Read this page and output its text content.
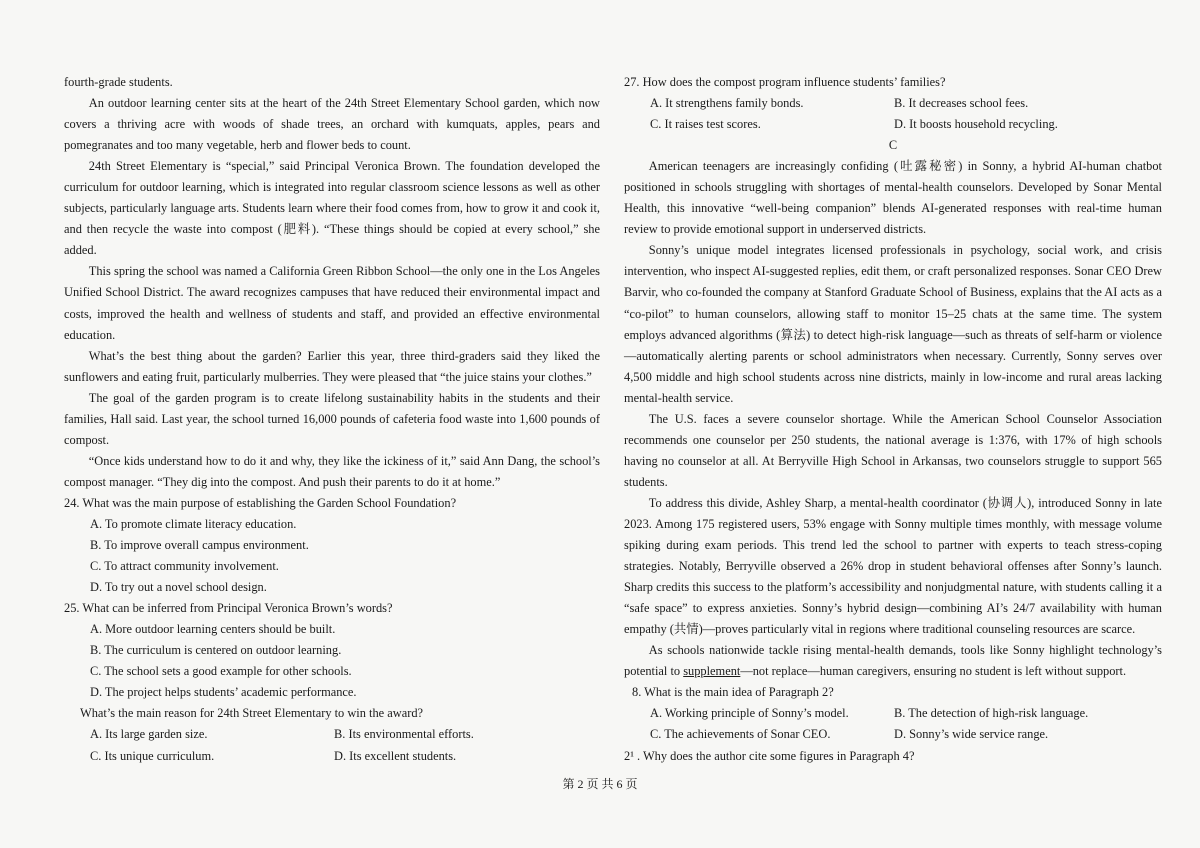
fourth-grade students.

An outdoor learning center sits at the heart of the 24th Street Elementary School garden, which now covers a thriving acre with woods of shade trees, an orchard with kumquats, apples, pears and pomegranates and too many vegetable, herb and flower beds to count.

24th Street Elementary is “special,” said Principal Veronica Brown. The foundation developed the curriculum for outdoor learning, which is integrated into regular classroom science lessons as well as other subjects, particularly language arts. Students learn where their food comes from, how to grow it and cook it, and then recycle the waste into compost (肥料). “These things should be copied at every school,” she added.

This spring the school was named a California Green Ribbon School—the only one in the Los Angeles Unified School District. The award recognizes campuses that have reduced their environmental impact and costs, improved the health and wellness of students and staff, and provided an effective environmental education.

What’s the best thing about the garden? Earlier this year, three third-graders said they liked the sunflowers and eating fruit, particularly mulberries. They were pleased that “the juice stains your clothes.”

The goal of the garden program is to create lifelong sustainability habits in the students and their families, Hall said. Last year, the school turned 16,000 pounds of cafeteria food waste into 1,600 pounds of compost.

“Once kids understand how to do it and why, they like the ickiness of it,” said Ann Dang, the school’s compost manager. “They dig into the compost. And push their parents to do it at home.”

24. What was the main purpose of establishing the Garden School Foundation?

A. To promote climate literacy education.

B. To improve overall campus environment.

C. To attract community involvement.

D. To try out a novel school design.

25. What can be inferred from Principal Veronica Brown’s words?

A. More outdoor learning centers should be built.

B. The curriculum is centered on outdoor learning.

C. The school sets a good example for other schools.

D. The project helps students’ academic performance.

What’s the main reason for 24th Street Elementary to win the award?

A. Its large garden size.	B. Its environmental efforts.

C. Its unique curriculum.	D. Its excellent students.

27. How does the compost program influence students’ families?

A. It strengthens family bonds.	B. It decreases school fees.

C. It raises test scores.	D. It boosts household recycling.

C

American teenagers are increasingly confiding (吐露秘密) in Sonny, a hybrid AI-human chatbot positioned in schools struggling with shortages of mental-health counselors. Developed by Sonar Mental Health, this innovative “well-being companion” blends AI-generated responses with real-time human review to provide emotional support in underserved districts.

Sonny’s unique model integrates licensed professionals in psychology, social work, and crisis intervention, who inspect AI-suggested replies, edit them, or craft personalized responses. Sonar CEO Drew Barvir, who co-founded the company at Stanford Graduate School of Business, explains that the AI acts as a “co-pilot” to human counselors, allowing staff to monitor 15–25 chats at the same time. The system employs advanced algorithms (算法) to detect high-risk language—such as threats of self-harm or violence—automatically alerting parents or school administrators when necessary. Currently, Sonny serves over 4,500 middle and high school students across nine districts, mainly in low-income and rural areas lacking mental-health service.

The U.S. faces a severe counselor shortage. While the American School Counselor Association recommends one counselor per 250 students, the national average is 1:376, with 17% of high schools having no counselor at all. At Berryville High School in Arkansas, two counselors struggle to support 565 students.

To address this divide, Ashley Sharp, a mental-health coordinator (协调人), introduced Sonny in late 2023. Among 175 registered users, 53% engage with Sonny multiple times monthly, with message volume spiking during exam periods. This trend led the school to partner with experts to teach stress-coping strategies. Notably, Berryville observed a 26% drop in student behavioral offenses after Sonny’s launch. Sharp credits this success to the platform’s accessibility and nonjudgmental nature, with students calling it a “safe space” to express anxieties. Sonny’s hybrid design—combining AI’s 24/7 availability with human empathy (共情)—proves particularly vital in regions where traditional counseling resources are scarce.

As schools nationwide tackle rising mental-health demands, tools like Sonny highlight technology’s potential to supplement—not replace—human caregivers, ensuring no student is left without support.

8. What is the main idea of Paragraph 2?

A. Working principle of Sonny’s model.	B. The detection of high-risk language.

C. The achievements of Sonar CEO.	D. Sonny’s wide service range.

2¹ . Why does the author cite some figures in Paragraph 4?

第 2 页 共 6 页
